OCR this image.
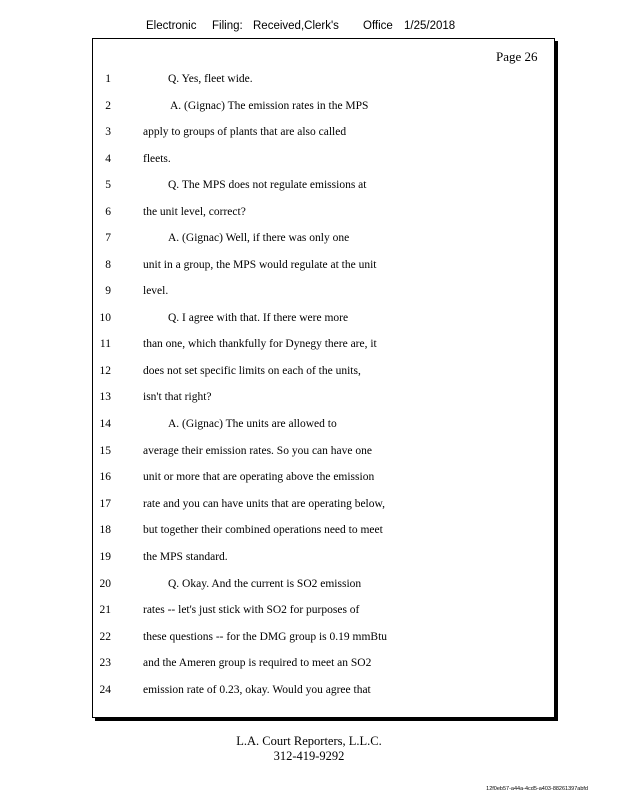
Electronic Filing: Received,Clerk's Office 1/25/2018
Page 26
1	Q. Yes, fleet wide.
2	A. (Gignac) The emission rates in the MPS
3	apply to groups of plants that are also called
4	fleets.
5	Q. The MPS does not regulate emissions at
6	the unit level, correct?
7	A. (Gignac) Well, if there was only one
8	unit in a group, the MPS would regulate at the unit
9	level.
10	Q. I agree with that. If there were more
11	than one, which thankfully for Dynegy there are, it
12	does not set specific limits on each of the units,
13	isn't that right?
14	A. (Gignac) The units are allowed to
15	average their emission rates. So you can have one
16	unit or more that are operating above the emission
17	rate and you can have units that are operating below,
18	but together their combined operations need to meet
19	the MPS standard.
20	Q. Okay. And the current is SO2 emission
21	rates -- let's just stick with SO2 for purposes of
22	these questions -- for the DMG group is 0.19 mmBtu
23	and the Ameren group is required to meet an SO2
24	emission rate of 0.23, okay. Would you agree that
L.A. Court Reporters, L.L.C.
312-419-9292
12f0eb57-a44a-4cd5-a403-88261397abfd
